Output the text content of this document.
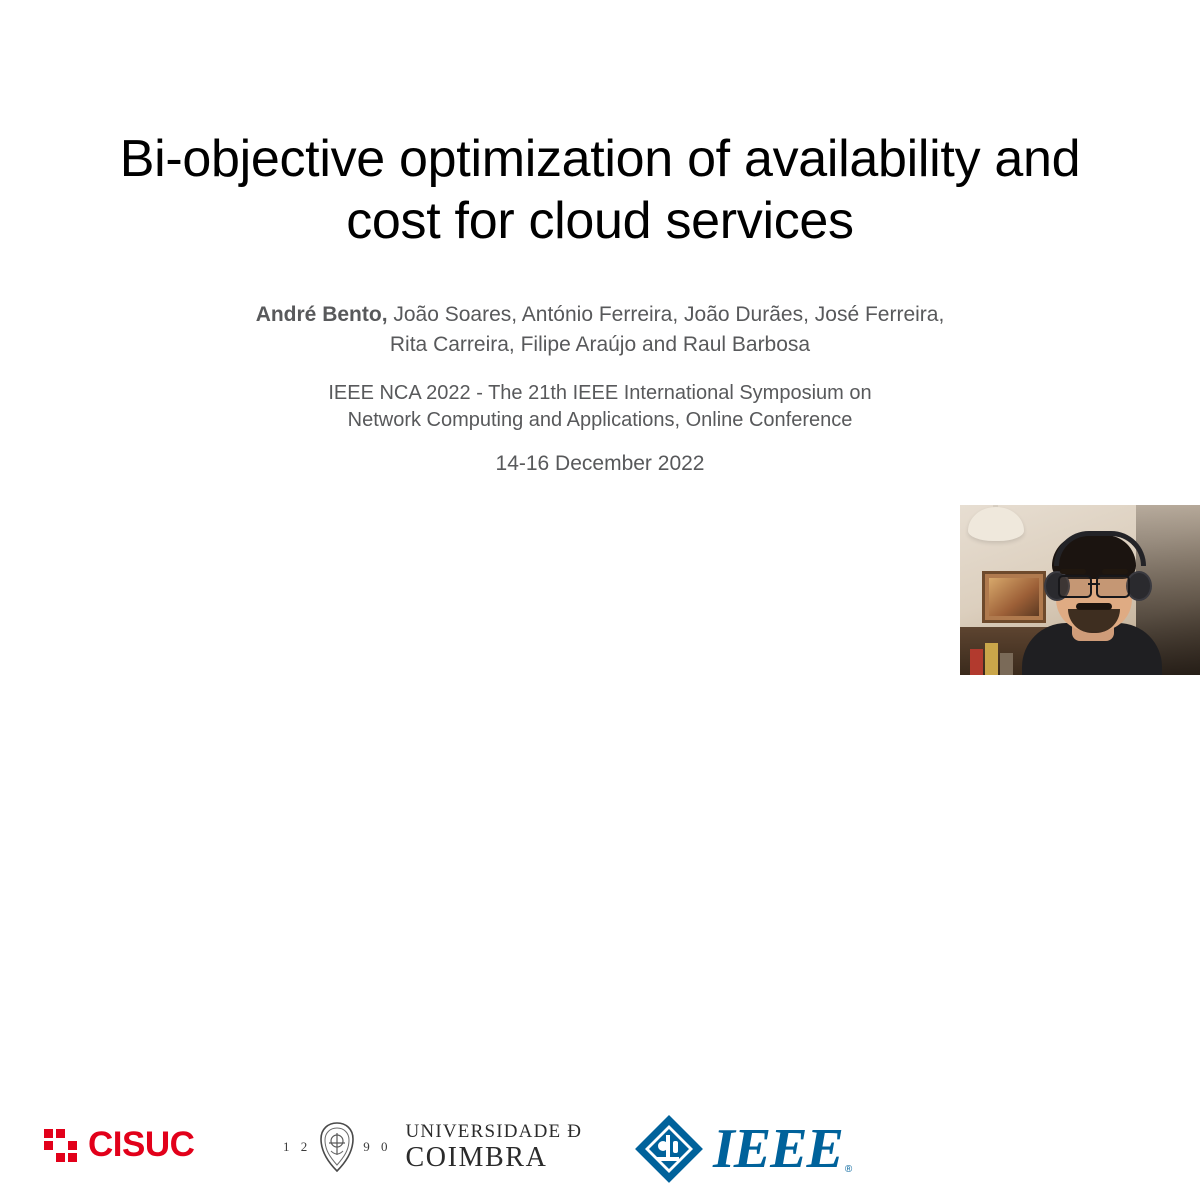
Bi-objective optimization of availability and
cost for cloud services
André Bento, João Soares, António Ferreira, João Durães, José Ferreira,
Rita Carreira, Filipe Araújo and Raul Barbosa
IEEE NCA 2022 - The 21th IEEE International Symposium on
Network Computing and Applications, Online Conference
14-16 December 2022
CISUC	1 2	9 0
UNIVERSIDADE Ð
COIMBRA	IEEE ®
